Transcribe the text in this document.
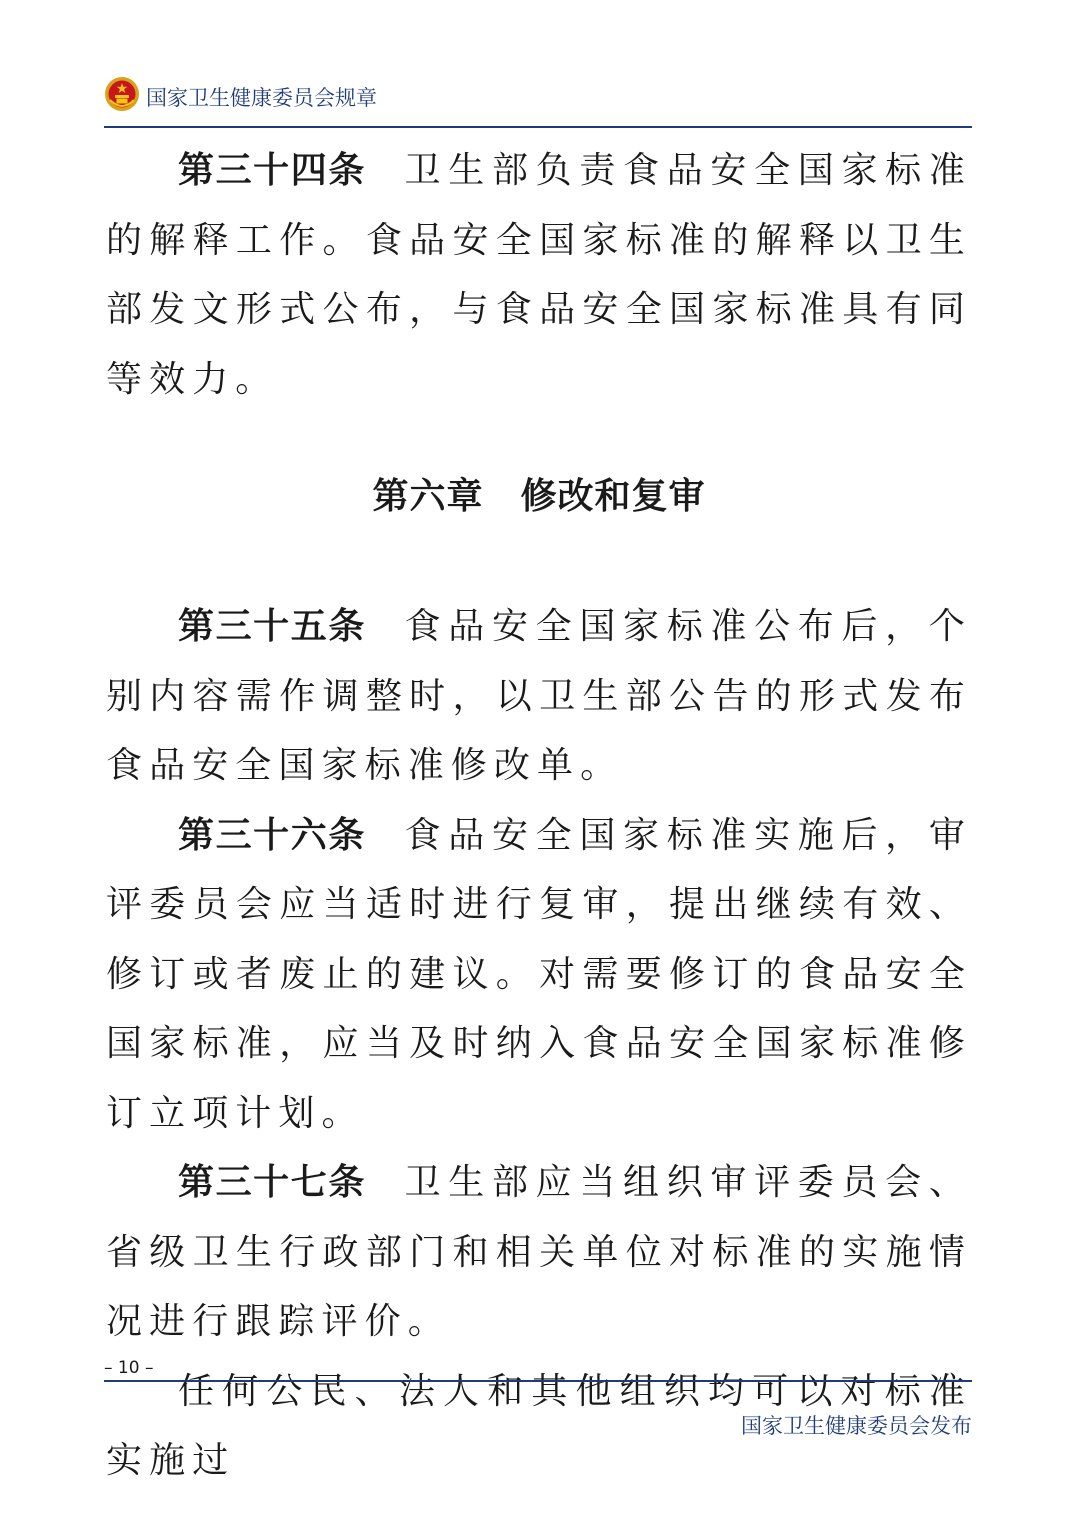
国家卫生健康委员会规章

第三十四条 卫生部负责食品安全国家标准的解释工作。食品安全国家标准的解释以卫生部发文形式公布，与食品安全国家标准具有同等效力。

第六章　修改和复审

第三十五条 食品安全国家标准公布后，个别内容需作调整时，以卫生部公告的形式发布食品安全国家标准修改单。

第三十六条 食品安全国家标准实施后，审评委员会应当适时进行复审，提出继续有效、修订或者废止的建议。对需要修订的食品安全国家标准，应当及时纳入食品安全国家标准修订立项计划。

第三十七条 卫生部应当组织审评委员会、省级卫生行政部门和相关单位对标准的实施情况进行跟踪评价。

任何公民、法人和其他组织均可以对标准实施过

– 10 –
国家卫生健康委员会发布
